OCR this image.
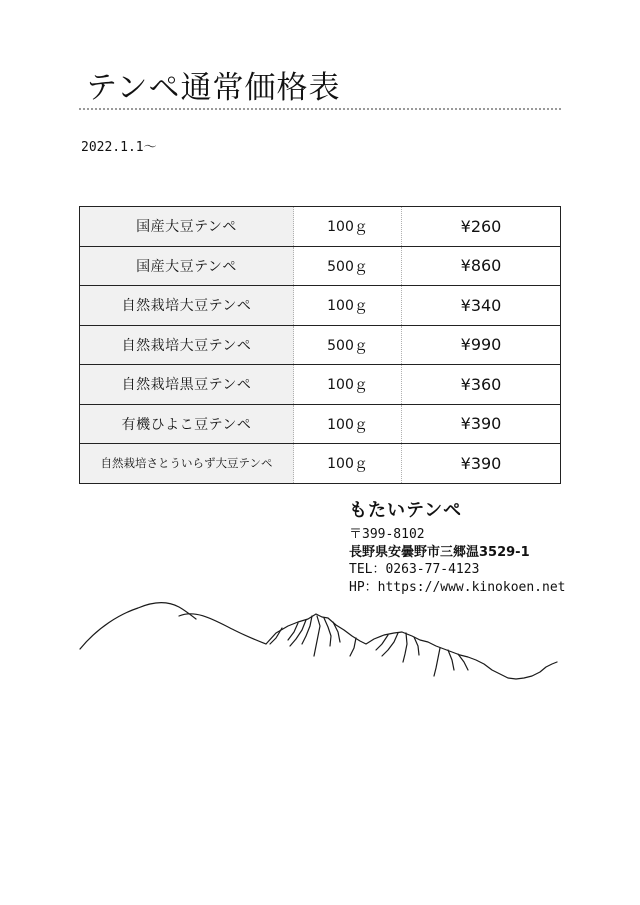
テンペ通常価格表
2022.1.1～
国産大豆テンペ	100ｇ	¥260
国産大豆テンペ	500ｇ	¥860
自然栽培大豆テンペ	100ｇ	¥340
自然栽培大豆テンペ	500ｇ	¥990
自然栽培黒豆テンペ	100ｇ	¥360
有機ひよこ豆テンペ	100ｇ	¥390
自然栽培さとういらず大豆テンペ	100ｇ	¥390
もたいテンペ
〒399-8102
長野県安曇野市三郷温3529-1
TEL：0263-77-4123
HP：https://www.kinokoen.net
